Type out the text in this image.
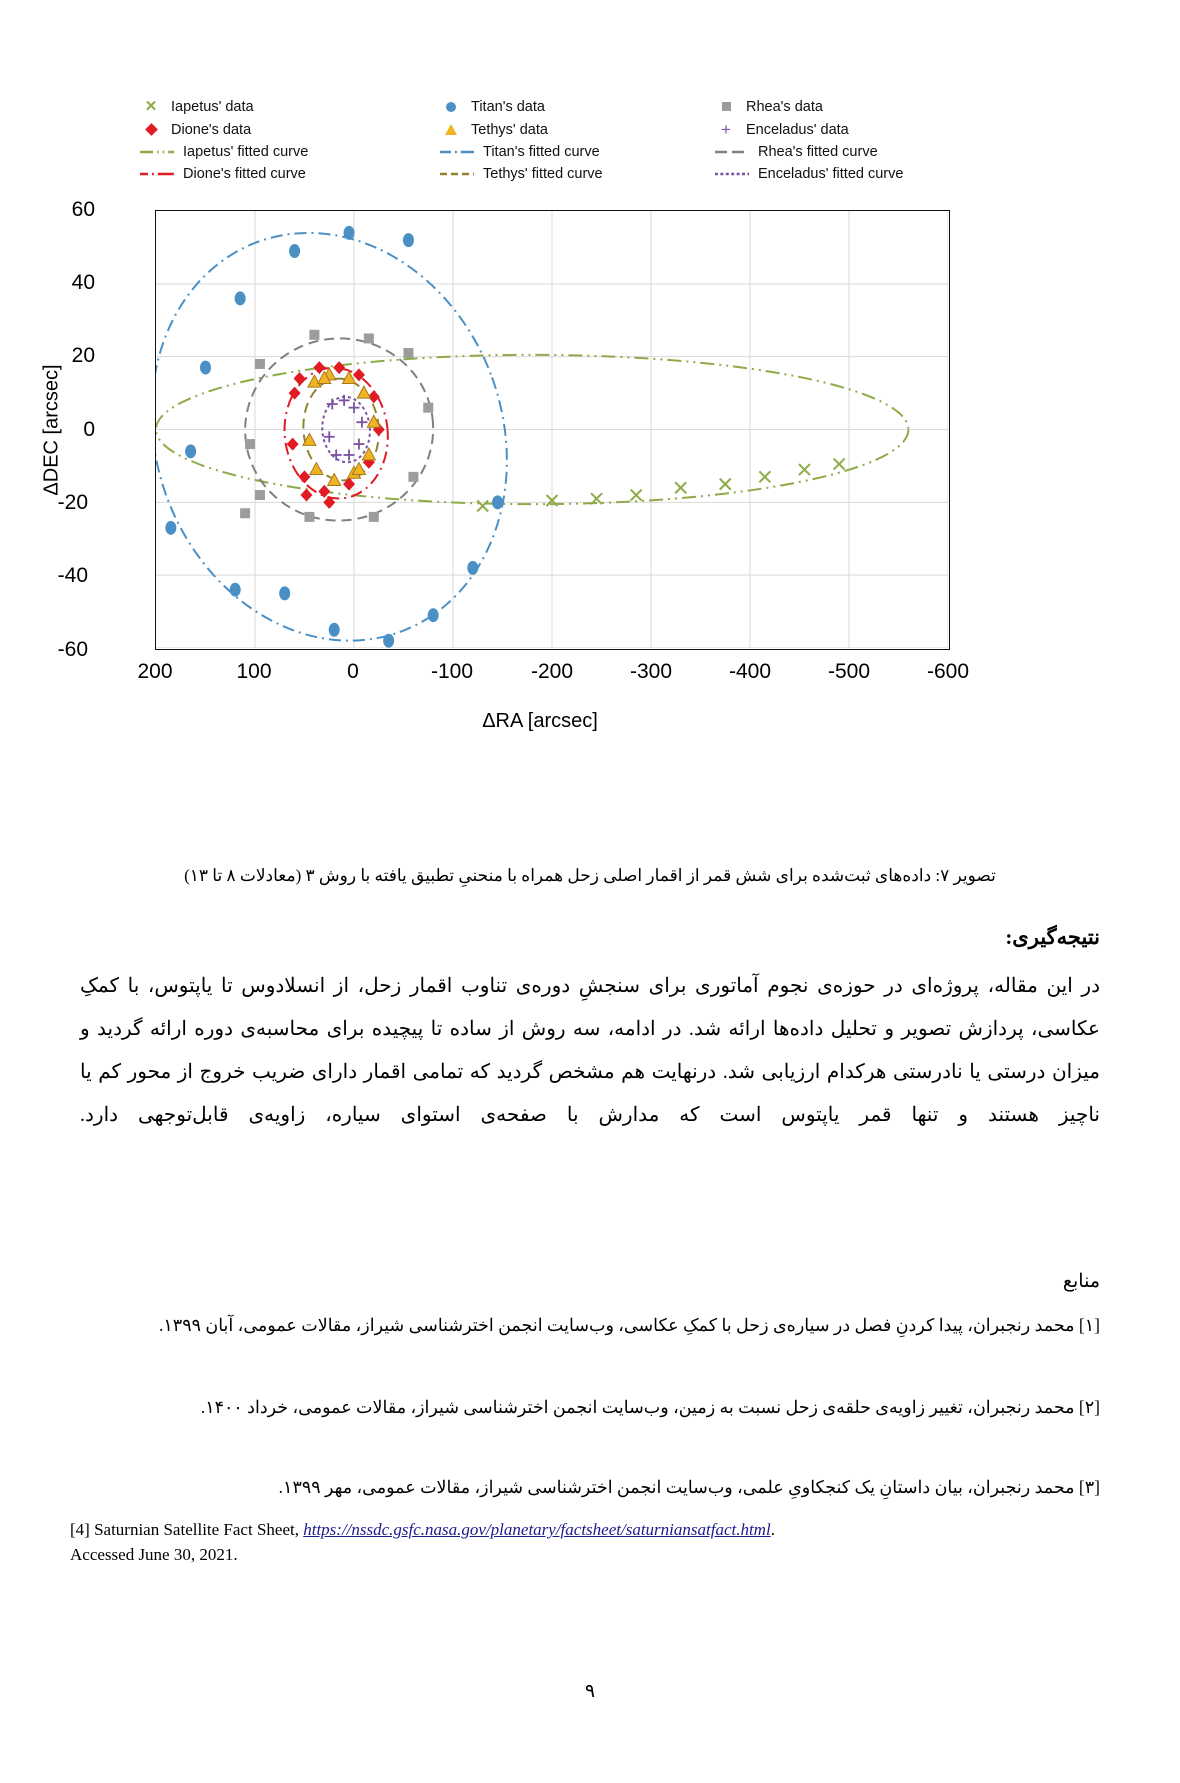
✕ Iapetus' data	Titan's data	Rhea's data
Dione's data	Tethys' data	+ Enceladus' data
Iapetus' fitted curve	Titan's fitted curve	Rhea's fitted curve
Dione's fitted curve	Tethys' fitted curve	Enceladus' fitted curve
ΔDEC [arcsec]
60
40
20
0
-20
-40
-60
200	100	0	-100	-200	-300	-400	-500	-600
ΔRA [arcsec]
تصویر ۷: داده‌های ثبت‌شده برای شش قمر از اقمار اصلی زحل همراه با منحنیِ تطبیق یافته با روش ۳ (معادلات ۸ تا ۱۳)
نتیجه‌گیری:
در این مقاله، پروژه‌ای در حوزه‌ی نجوم آماتوری برای سنجشِ دوره‌ی تناوب اقمار زحل، از انسلادوس تا یاپتوس، با کمکِ عکاسی، پردازش تصویر و تحلیل داده‌ها ارائه شد. در ادامه، سه روش از ساده تا پیچیده برای محاسبه‌ی دوره ارائه گردید و میزان درستی یا نادرستی هرکدام ارزیابی شد. درنهایت هم مشخص گردید که تمامی اقمار دارای ضریب خروج از محور کم یا ناچیز هستند و تنها قمر یاپتوس است که مدارش با صفحه‌ی استوای سیاره، زاویه‌ی قابل‌توجهی دارد.
منابع
[۱] محمد رنجبران، پیدا کردنِ فصل در سیاره‌ی زحل با کمکِ عکاسی، وب‌سایت انجمن اخترشناسی شیراز، مقالات عمومی، آبان ۱۳۹۹.
[۲] محمد رنجبران، تغییر زاویه‌ی حلقه‌ی زحل نسبت به زمین، وب‌سایت انجمن اخترشناسی شیراز، مقالات عمومی، خرداد ۱۴۰۰.
[۳] محمد رنجبران، بیان داستانِ یک کنجکاویِ علمی، وب‌سایت انجمن اخترشناسی شیراز، مقالات عمومی، مهر ۱۳۹۹.
[4] Saturnian Satellite Fact Sheet, https://nssdc.gsfc.nasa.gov/planetary/factsheet/saturniansatfact.html.
Accessed June 30, 2021.
۹
